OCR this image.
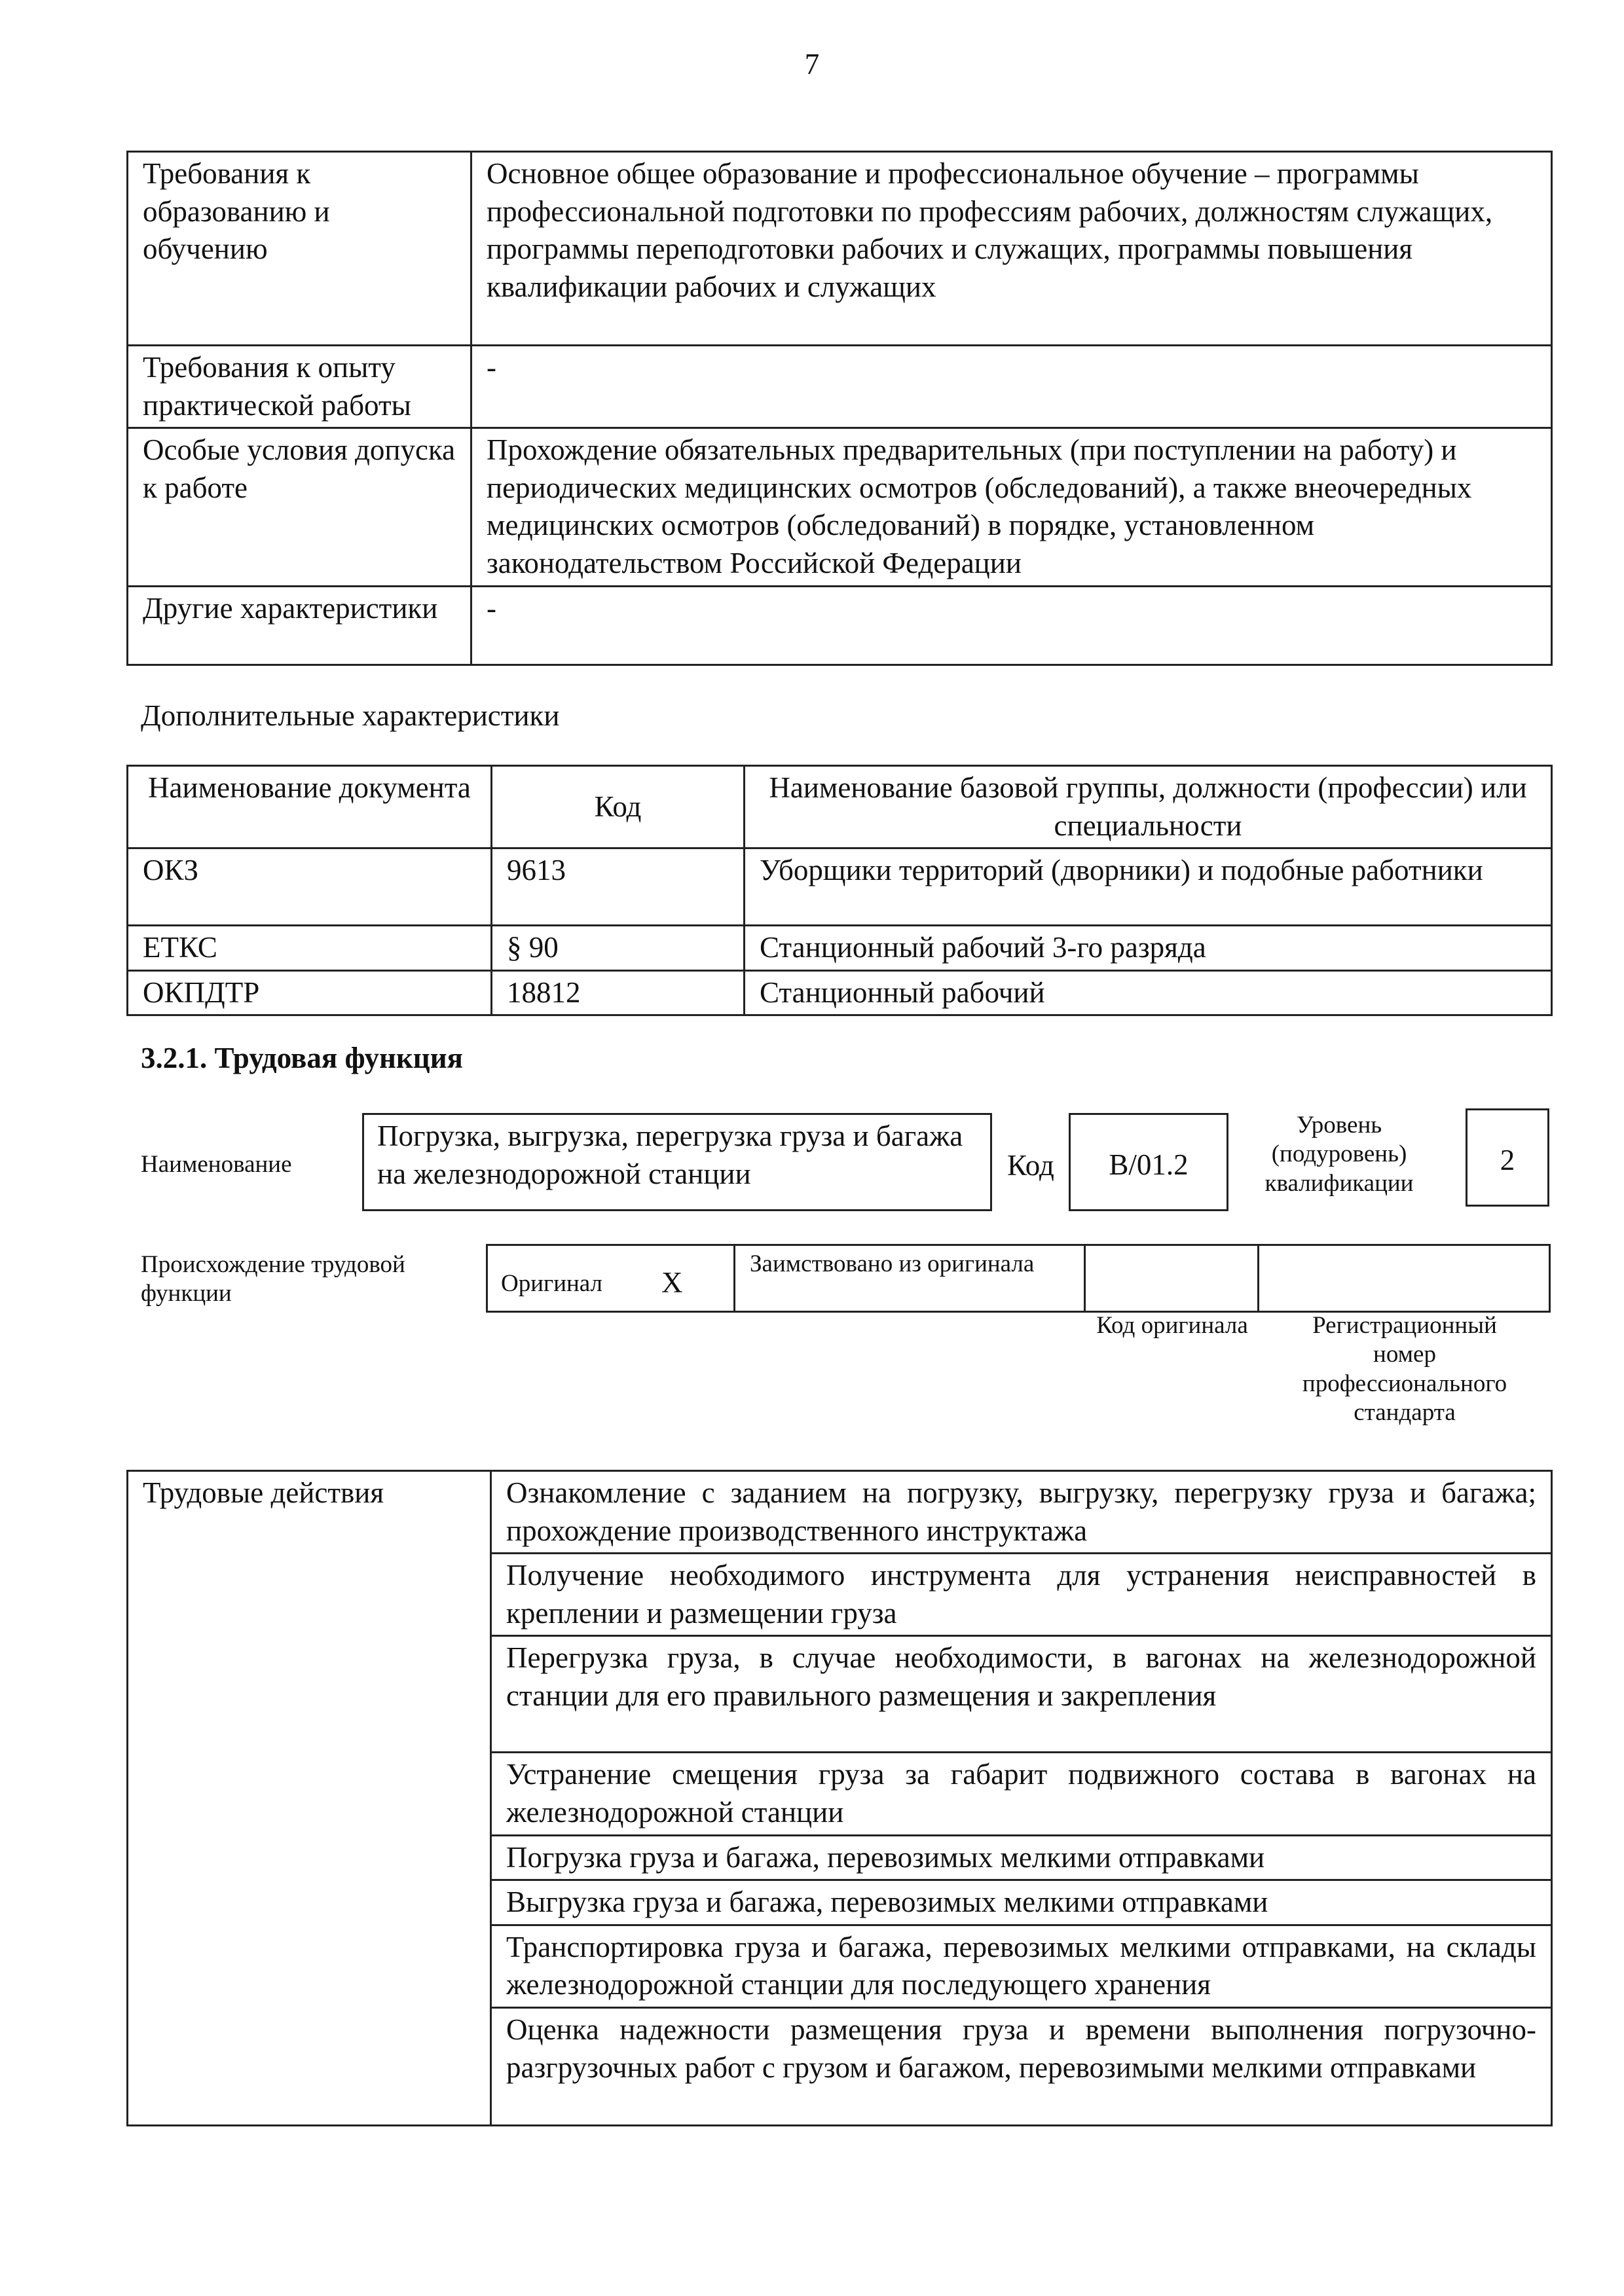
7
Требования к образованию и обучению	Основное общее образование и профессиональное обучение – программы профессиональной подготовки по профессиям рабочих, должностям служащих, программы переподготовки рабочих и служащих, программы повышения квалификации рабочих и служащих
Требования к опыту практической работы	-
Особые условия допуска к работе	Прохождение обязательных предварительных (при поступлении на работу) и периодических медицинских осмотров (обследований), а также внеочередных медицинских осмотров (обследований) в порядке, установленном законодательством Российской Федерации
Другие характеристики	-
Дополнительные характеристики
Наименование документа	Код	Наименование базовой группы, должности (профессии) или специальности
ОКЗ	9613	Уборщики территорий (дворники) и подобные работники
ЕТКС	§ 90	Станционный рабочий 3-го разряда
ОКПДТР	18812	Станционный рабочий
3.2.1. Трудовая функция
Наименование
Погрузка, выгрузка, перегрузка груза и багажа на железнодорожной станции	Код	B/01.2
Уровень (подуровень) квалификации
2
Происхождение трудовой функции	Оригинал X
Заимствовано из оригинала
Код оригинала	Регистрационный номер профессионального стандарта
Трудовые действия	Ознакомление с заданием на погрузку, выгрузку, перегрузку груза и багажа; прохождение производственного инструктажа
Получение необходимого инструмента для устранения неисправностей в креплении и размещении груза
Перегрузка груза, в случае необходимости, в вагонах на железнодорожной станции для его правильного размещения и закрепления
Устранение смещения груза за габарит подвижного состава в вагонах на железнодорожной станции
Погрузка груза и багажа, перевозимых мелкими отправками
Выгрузка груза и багажа, перевозимых мелкими отправками
Транспортировка груза и багажа, перевозимых мелкими отправками, на склады железнодорожной станции для последующего хранения
Оценка надежности размещения груза и времени выполнения погрузочно-разгрузочных работ с грузом и багажом, перевозимыми мелкими отправками
